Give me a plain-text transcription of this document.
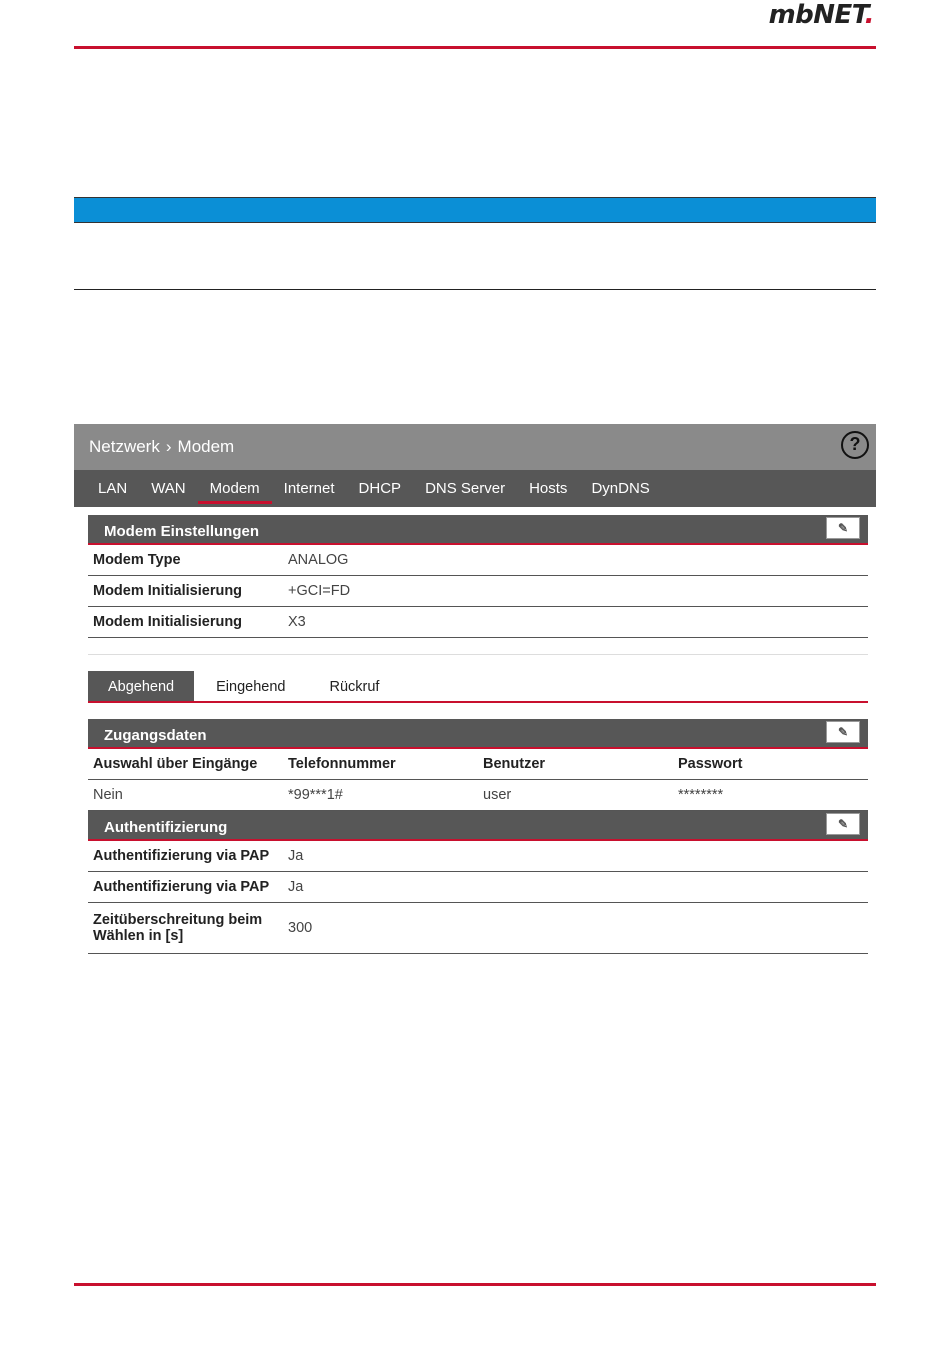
mbNET.
Netzwerk › Modem	?
LAN	WAN	Modem	Internet	DHCP	DNS Server	Hosts	DynDNS
Modem Einstellungen	✎
Modem Type	ANALOG
Modem Initialisierung	+GCI=FD
Modem Initialisierung	X3
Abgehend	Eingehend	Rückruf
Zugangsdaten	✎
Auswahl über Eingänge	Telefonnummer	Benutzer	Passwort
Nein	*99***1#	user	********
Authentifizierung	✎
Authentifizierung via PAP	Ja
Authentifizierung via PAP	Ja
Zeitüberschreitung beim Wählen in [s]	300
